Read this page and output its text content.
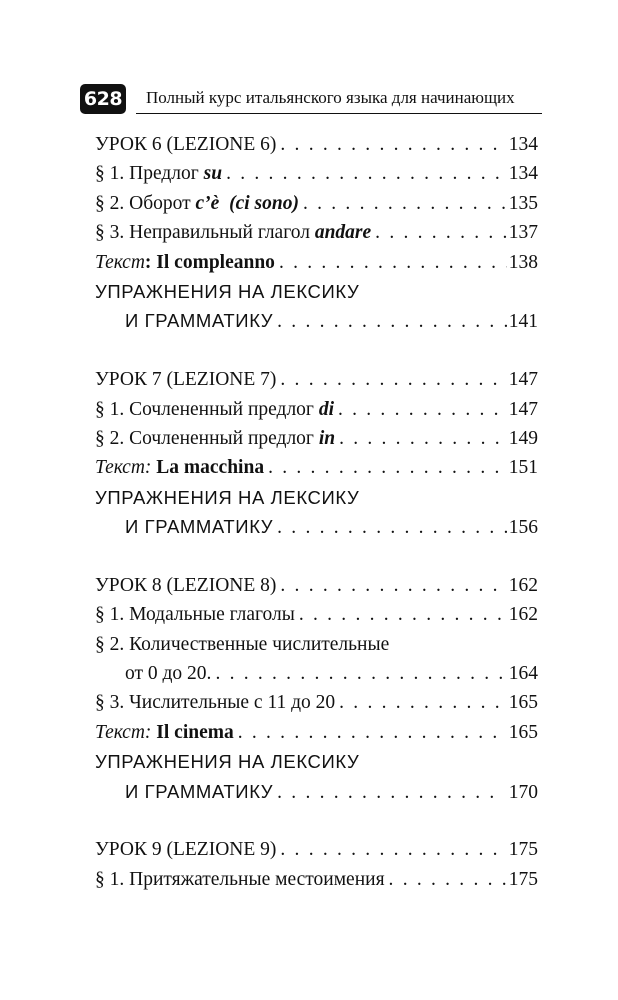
628 Полный курс итальянского языка для начинающих
УРОК 6 (LEZIONE 6) . . .	134
§ 1. Предлог su . . .	134
§ 2. Оборот c’è  (ci sono) . . .	135
§ 3. Неправильный глагол andare . . .	137
Текст: Il compleanno . . .	138
УПРАЖНЕНИЯ НА ЛЕКСИКУ
И ГРАММАТИКУ . . .	141
УРОК 7 (LEZIONE 7) . . .	147
§ 1. Сочлененный предлог di . . .	147
§ 2. Сочлененный предлог in . . .	149
Текст: La macchina . . .	151
УПРАЖНЕНИЯ НА ЛЕКСИКУ
И ГРАММАТИКУ . . .	156
УРОК 8 (LEZIONE 8) . . .	162
§ 1. Модальные глаголы . . .	162
§ 2. Количественные числительные
от 0 до 20. . . .	164
§ 3. Числительные с 11 до 20 . . .	165
Текст: Il cinema . . .	165
УПРАЖНЕНИЯ НА ЛЕКСИКУ
И ГРАММАТИКУ . . .	170
УРОК 9 (LEZIONE 9) . . .	175
§ 1. Притяжательные местоимения . . .	175
